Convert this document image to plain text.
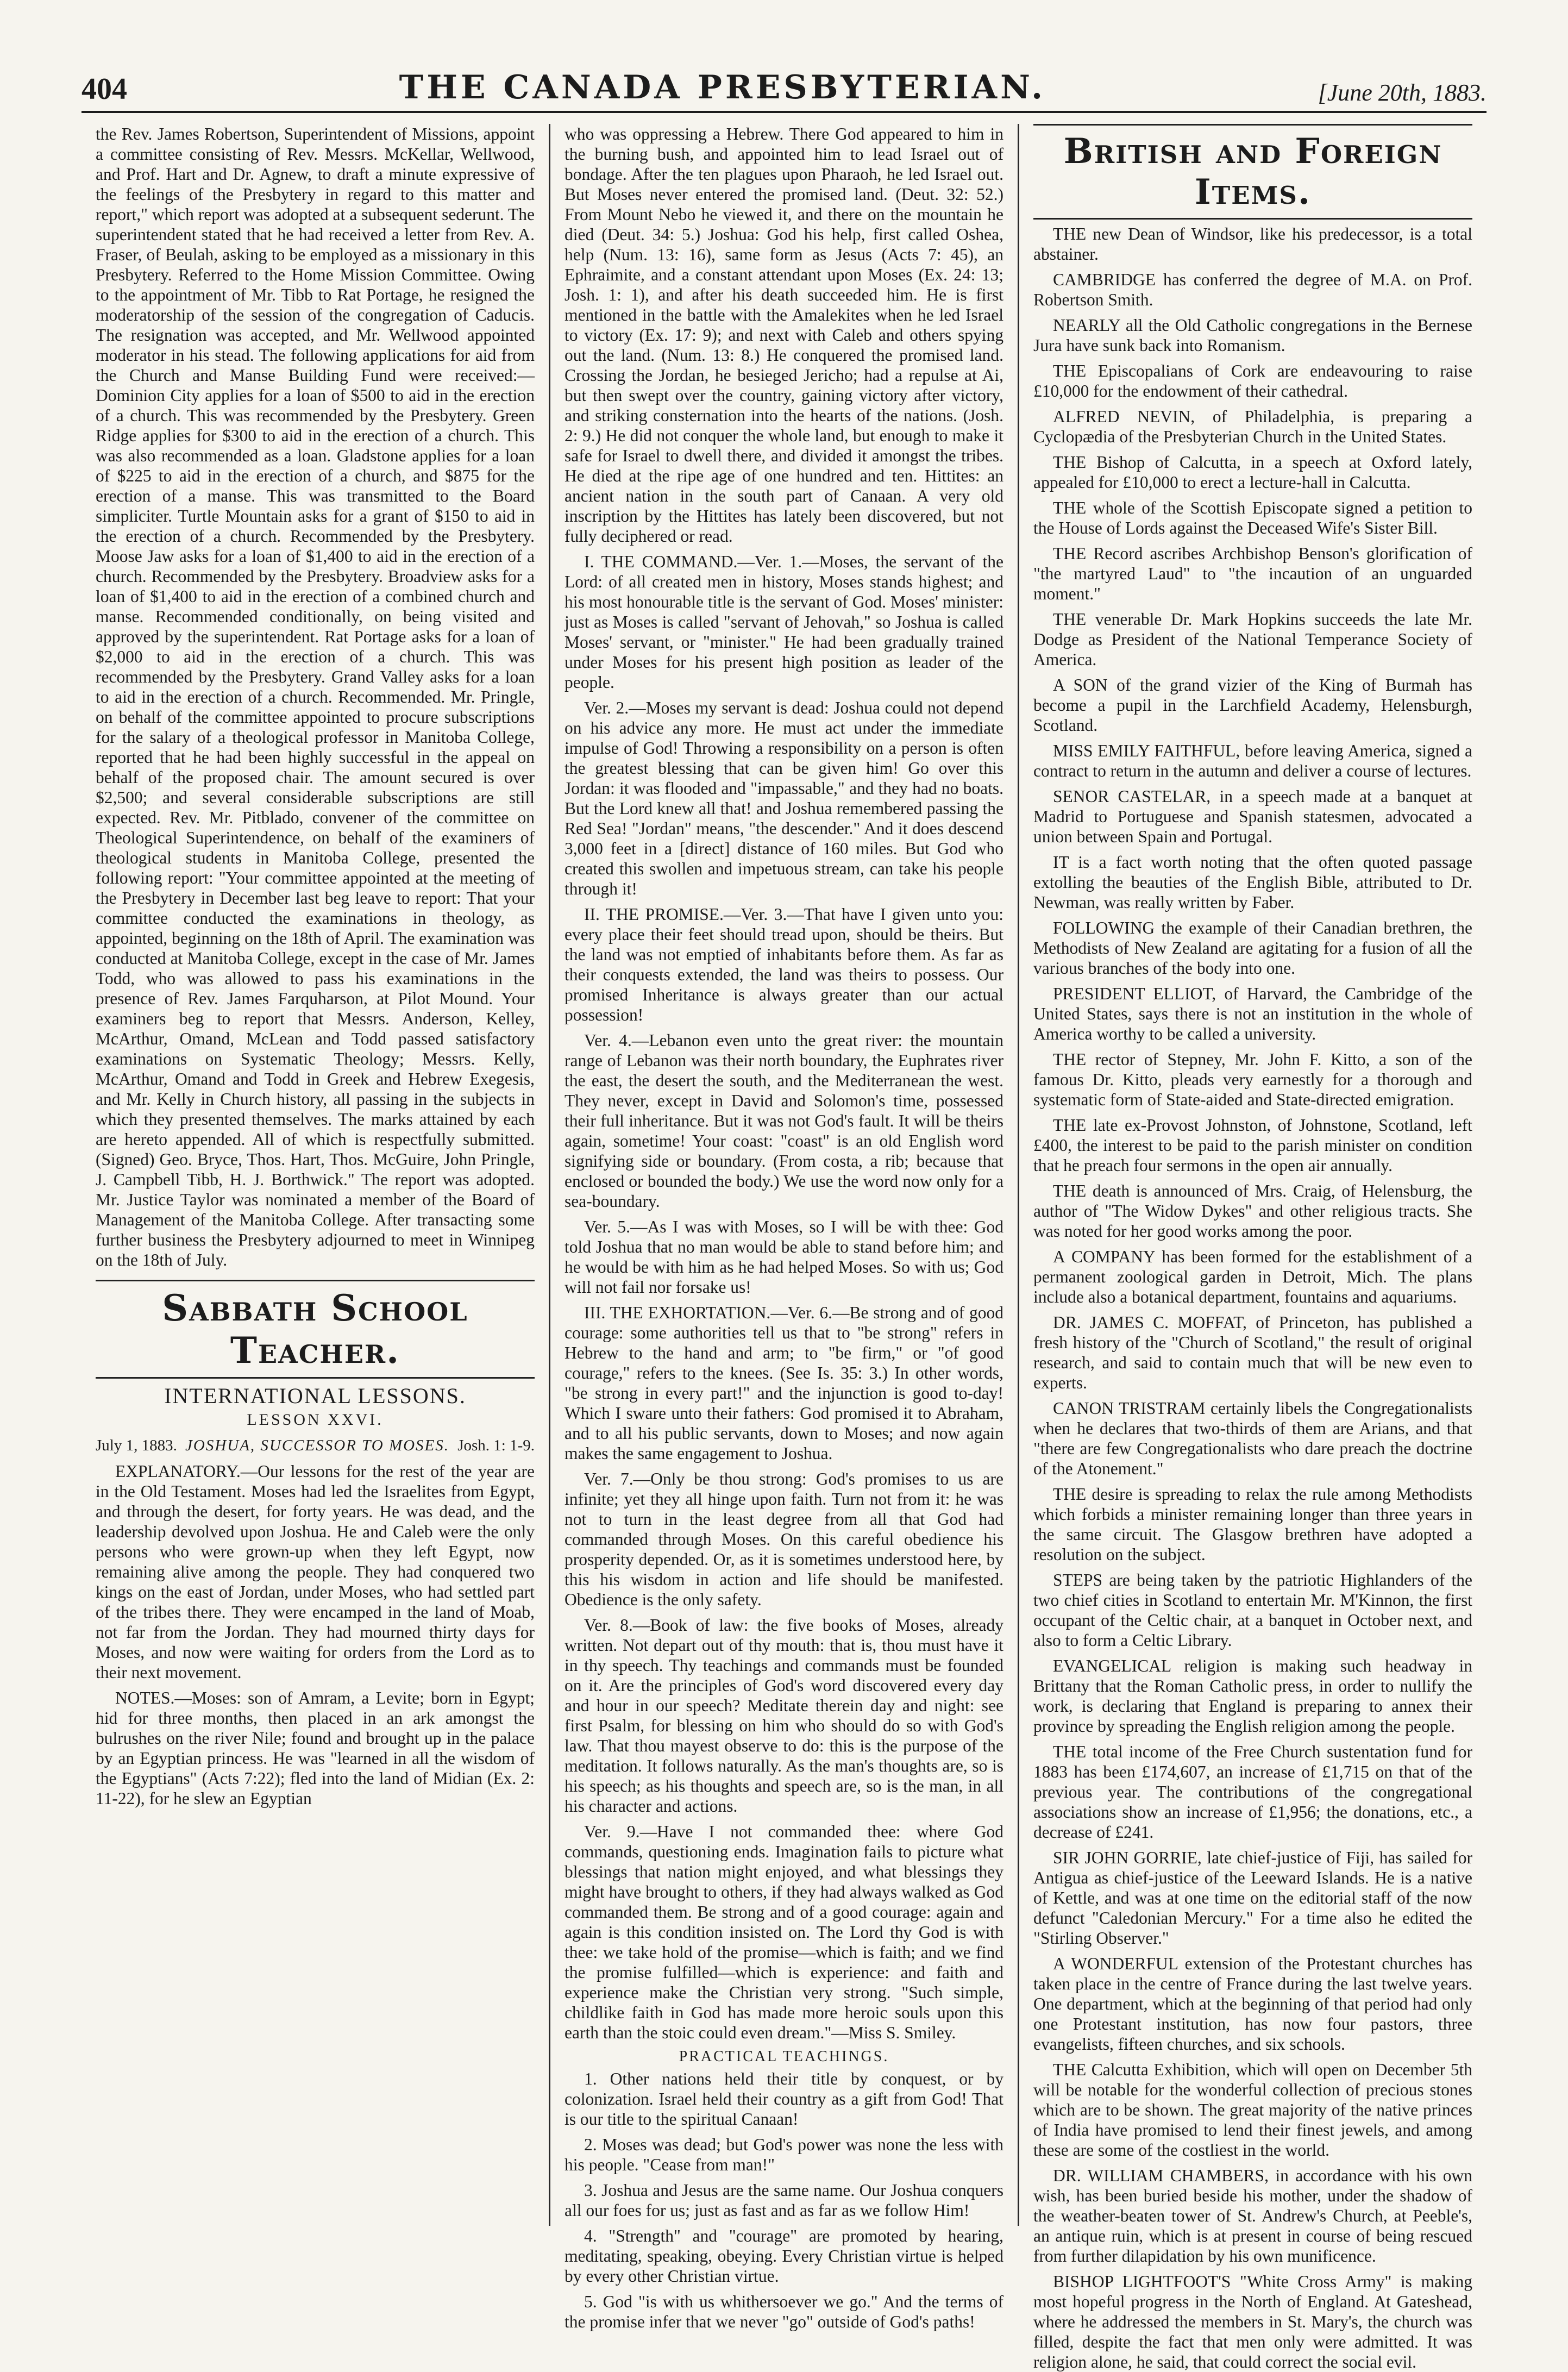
404	THE CANADA PRESBYTERIAN.	[June 20th, 1883.

the Rev. James Robertson, Superintendent of Missions, appoint a committee consisting of Rev. Messrs. McKellar, Wellwood, and Prof. Hart and Dr. Agnew, to draft a minute expressive of the feelings of the Presbytery in regard to this matter and report," which report was adopted at a subsequent sederunt. The superintendent stated that he had received a letter from Rev. A. Fraser, of Beulah, asking to be employed as a missionary in this Presbytery. Referred to the Home Mission Committee. Owing to the appointment of Mr. Tibb to Rat Portage, he resigned the moderatorship of the session of the congregation of Caducis. The resignation was accepted, and Mr. Wellwood appointed moderator in his stead. The following applications for aid from the Church and Manse Building Fund were received:—Dominion City applies for a loan of $500 to aid in the erection of a church. This was recommended by the Presbytery. Green Ridge applies for $300 to aid in the erection of a church. This was also recommended as a loan. Gladstone applies for a loan of $225 to aid in the erection of a church, and $875 for the erection of a manse. This was transmitted to the Board simpliciter. Turtle Mountain asks for a grant of $150 to aid in the erection of a church. Recommended by the Presbytery. Moose Jaw asks for a loan of $1,400 to aid in the erection of a church. Recommended by the Presbytery. Broadview asks for a loan of $1,400 to aid in the erection of a combined church and manse. Recommended conditionally, on being visited and approved by the superintendent. Rat Portage asks for a loan of $2,000 to aid in the erection of a church. This was recommended by the Presbytery. Grand Valley asks for a loan to aid in the erection of a church. Recommended. Mr. Pringle, on behalf of the committee appointed to procure subscriptions for the salary of a theological professor in Manitoba College, reported that he had been highly successful in the appeal on behalf of the proposed chair. The amount secured is over $2,500; and several considerable subscriptions are still expected. Rev. Mr. Pitblado, convener of the committee on Theological Superintendence, on behalf of the examiners of theological students in Manitoba College, presented the following report: "Your committee appointed at the meeting of the Presbytery in December last beg leave to report: That your committee conducted the examinations in theology, as appointed, beginning on the 18th of April. The examination was conducted at Manitoba College, except in the case of Mr. James Todd, who was allowed to pass his examinations in the presence of Rev. James Farquharson, at Pilot Mound. Your examiners beg to report that Messrs. Anderson, Kelley, McArthur, Omand, McLean and Todd passed satisfactory examinations on Systematic Theology; Messrs. Kelly, McArthur, Omand and Todd in Greek and Hebrew Exegesis, and Mr. Kelly in Church history, all passing in the subjects in which they presented themselves. The marks attained by each are hereto appended. All of which is respectfully submitted. (Signed) Geo. Bryce, Thos. Hart, Thos. McGuire, John Pringle, J. Campbell Tibb, H. J. Borthwick." The report was adopted. Mr. Justice Taylor was nominated a member of the Board of Management of the Manitoba College. After transacting some further business the Presbytery adjourned to meet in Winnipeg on the 18th of July.

Sabbath School Teacher.
INTERNATIONAL LESSONS.
LESSON XXVI.
July 1, 1883. JOSHUA, SUCCESSOR TO MOSES. Josh. 1: 1-9.

EXPLANATORY.—Our lessons for the rest of the year are in the Old Testament. Moses had led the Israelites from Egypt, and through the desert, for forty years. He was dead, and the leadership devolved upon Joshua. He and Caleb were the only persons who were grown-up when they left Egypt, now remaining alive among the people. They had conquered two kings on the east of Jordan, under Moses, who had settled part of the tribes there. They were encamped in the land of Moab, not far from the Jordan. They had mourned thirty days for Moses, and now were waiting for orders from the Lord as to their next movement.

NOTES.—Moses: son of Amram, a Levite; born in Egypt; hid for three months, then placed in an ark amongst the bulrushes on the river Nile; found and brought up in the palace by an Egyptian princess. He was "learned in all the wisdom of the Egyptians" (Acts 7:22); fled into the land of Midian (Ex. 2: 11-22), for he slew an Egyptian

who was oppressing a Hebrew. There God appeared to him in the burning bush, and appointed him to lead Israel out of bondage. After the ten plagues upon Pharaoh, he led Israel out. But Moses never entered the promised land. (Deut. 32: 52.) From Mount Nebo he viewed it, and there on the mountain he died (Deut. 34: 5.) Joshua: God his help, first called Oshea, help (Num. 13: 16), same form as Jesus (Acts 7: 45), an Ephraimite, and a constant attendant upon Moses (Ex. 24: 13; Josh. 1: 1), and after his death succeeded him. He is first mentioned in the battle with the Amalekites when he led Israel to victory (Ex. 17: 9); and next with Caleb and others spying out the land. (Num. 13: 8.) He conquered the promised land. Crossing the Jordan, he besieged Jericho; had a repulse at Ai, but then swept over the country, gaining victory after victory, and striking consternation into the hearts of the nations. (Josh. 2: 9.) He did not conquer the whole land, but enough to make it safe for Israel to dwell there, and divided it amongst the tribes. He died at the ripe age of one hundred and ten. Hittites: an ancient nation in the south part of Canaan. A very old inscription by the Hittites has lately been discovered, but not fully deciphered or read.

I. THE COMMAND.—Ver. 1.—Moses, the servant of the Lord: of all created men in history, Moses stands highest; and his most honourable title is the servant of God. Moses' minister: just as Moses is called "servant of Jehovah," so Joshua is called Moses' servant, or "minister." He had been gradually trained under Moses for his present high position as leader of the people.

Ver. 2.—Moses my servant is dead: Joshua could not depend on his advice any more. He must act under the immediate impulse of God! Throwing a responsibility on a person is often the greatest blessing that can be given him! Go over this Jordan: it was flooded and "impassable," and they had no boats. But the Lord knew all that! and Joshua remembered passing the Red Sea! "Jordan" means, "the descender." And it does descend 3,000 feet in a [direct] distance of 160 miles. But God who created this swollen and impetuous stream, can take his people through it!

II. THE PROMISE.—Ver. 3.—That have I given unto you: every place their feet should tread upon, should be theirs. But the land was not emptied of inhabitants before them. As far as their conquests extended, the land was theirs to possess. Our promised Inheritance is always greater than our actual possession!

Ver. 4.—Lebanon even unto the great river: the mountain range of Lebanon was their north boundary, the Euphrates river the east, the desert the south, and the Mediterranean the west. They never, except in David and Solomon's time, possessed their full inheritance. But it was not God's fault. It will be theirs again, sometime! Your coast: "coast" is an old English word signifying side or boundary. (From costa, a rib; because that enclosed or bounded the body.) We use the word now only for a sea-boundary.

Ver. 5.—As I was with Moses, so I will be with thee: God told Joshua that no man would be able to stand before him; and he would be with him as he had helped Moses. So with us; God will not fail nor forsake us!

III. THE EXHORTATION.—Ver. 6.—Be strong and of good courage: some authorities tell us that to "be strong" refers in Hebrew to the hand and arm; to "be firm," or "of good courage," refers to the knees. (See Is. 35: 3.) In other words, "be strong in every part!" and the injunction is good to-day! Which I sware unto their fathers: God promised it to Abraham, and to all his public servants, down to Moses; and now again makes the same engagement to Joshua.

Ver. 7.—Only be thou strong: God's promises to us are infinite; yet they all hinge upon faith. Turn not from it: he was not to turn in the least degree from all that God had commanded through Moses. On this careful obedience his prosperity depended. Or, as it is sometimes understood here, by this his wisdom in action and life should be manifested. Obedience is the only safety.

Ver. 8.—Book of law: the five books of Moses, already written. Not depart out of thy mouth: that is, thou must have it in thy speech. Thy teachings and commands must be founded on it. Are the principles of God's word discovered every day and hour in our speech? Meditate therein day and night: see first Psalm, for blessing on him who should do so with God's law. That thou mayest observe to do: this is the purpose of the meditation. It follows naturally. As the man's thoughts are, so is his speech; as his thoughts and speech are, so is the man, in all his character and actions.

Ver. 9.—Have I not commanded thee: where God commands, questioning ends. Imagination fails to picture what blessings that nation might enjoyed, and what blessings they might have brought to others, if they had always walked as God commanded them. Be strong and of a good courage: again and again is this condition insisted on. The Lord thy God is with thee: we take hold of the promise—which is faith; and we find the promise fulfilled—which is experience: and faith and experience make the Christian very strong. "Such simple, childlike faith in God has made more heroic souls upon this earth than the stoic could even dream."—Miss S. Smiley.

PRACTICAL TEACHINGS.

1. Other nations held their title by conquest, or by colonization. Israel held their country as a gift from God! That is our title to the spiritual Canaan!

2. Moses was dead; but God's power was none the less with his people. "Cease from man!"

3. Joshua and Jesus are the same name. Our Joshua conquers all our foes for us; just as fast and as far as we follow Him!

4. "Strength" and "courage" are promoted by hearing, meditating, speaking, obeying. Every Christian virtue is helped by every other Christian virtue.

5. God "is with us whithersoever we go." And the terms of the promise infer that we never "go" outside of God's paths!

British and Foreign Items.

THE new Dean of Windsor, like his predecessor, is a total abstainer.

CAMBRIDGE has conferred the degree of M.A. on Prof. Robertson Smith.

NEARLY all the Old Catholic congregations in the Bernese Jura have sunk back into Romanism.

THE Episcopalians of Cork are endeavouring to raise £10,000 for the endowment of their cathedral.

ALFRED NEVIN, of Philadelphia, is preparing a Cyclopædia of the Presbyterian Church in the United States.

THE Bishop of Calcutta, in a speech at Oxford lately, appealed for £10,000 to erect a lecture-hall in Calcutta.

THE whole of the Scottish Episcopate signed a petition to the House of Lords against the Deceased Wife's Sister Bill.

THE Record ascribes Archbishop Benson's glorification of "the martyred Laud" to "the incaution of an unguarded moment."

THE venerable Dr. Mark Hopkins succeeds the late Mr. Dodge as President of the National Temperance Society of America.

A SON of the grand vizier of the King of Burmah has become a pupil in the Larchfield Academy, Helensburgh, Scotland.

MISS EMILY FAITHFUL, before leaving America, signed a contract to return in the autumn and deliver a course of lectures.

SENOR CASTELAR, in a speech made at a banquet at Madrid to Portuguese and Spanish statesmen, advocated a union between Spain and Portugal.

IT is a fact worth noting that the often quoted passage extolling the beauties of the English Bible, attributed to Dr. Newman, was really written by Faber.

FOLLOWING the example of their Canadian brethren, the Methodists of New Zealand are agitating for a fusion of all the various branches of the body into one.

PRESIDENT ELLIOT, of Harvard, the Cambridge of the United States, says there is not an institution in the whole of America worthy to be called a university.

THE rector of Stepney, Mr. John F. Kitto, a son of the famous Dr. Kitto, pleads very earnestly for a thorough and systematic form of State-aided and State-directed emigration.

THE late ex-Provost Johnston, of Johnstone, Scotland, left £400, the interest to be paid to the parish minister on condition that he preach four sermons in the open air annually.

THE death is announced of Mrs. Craig, of Helensburg, the author of "The Widow Dykes" and other religious tracts. She was noted for her good works among the poor.

A COMPANY has been formed for the establishment of a permanent zoological garden in Detroit, Mich. The plans include also a botanical department, fountains and aquariums.

DR. JAMES C. MOFFAT, of Princeton, has published a fresh history of the "Church of Scotland," the result of original research, and said to contain much that will be new even to experts.

CANON TRISTRAM certainly libels the Congregationalists when he declares that two-thirds of them are Arians, and that "there are few Congregationalists who dare preach the doctrine of the Atonement."

THE desire is spreading to relax the rule among Methodists which forbids a minister remaining longer than three years in the same circuit. The Glasgow brethren have adopted a resolution on the subject.

STEPS are being taken by the patriotic Highlanders of the two chief cities in Scotland to entertain Mr. M'Kinnon, the first occupant of the Celtic chair, at a banquet in October next, and also to form a Celtic Library.

EVANGELICAL religion is making such headway in Brittany that the Roman Catholic press, in order to nullify the work, is declaring that England is preparing to annex their province by spreading the English religion among the people.

THE total income of the Free Church sustentation fund for 1883 has been £174,607, an increase of £1,715 on that of the previous year. The contributions of the congregational associations show an increase of £1,956; the donations, etc., a decrease of £241.

SIR JOHN GORRIE, late chief-justice of Fiji, has sailed for Antigua as chief-justice of the Leeward Islands. He is a native of Kettle, and was at one time on the editorial staff of the now defunct "Caledonian Mercury." For a time also he edited the "Stirling Observer."

A WONDERFUL extension of the Protestant churches has taken place in the centre of France during the last twelve years. One department, which at the beginning of that period had only one Protestant institution, has now four pastors, three evangelists, fifteen churches, and six schools.

THE Calcutta Exhibition, which will open on December 5th will be notable for the wonderful collection of precious stones which are to be shown. The great majority of the native princes of India have promised to lend their finest jewels, and among these are some of the costliest in the world.

DR. WILLIAM CHAMBERS, in accordance with his own wish, has been buried beside his mother, under the shadow of the weather-beaten tower of St. Andrew's Church, at Peeble's, an antique ruin, which is at present in course of being rescued from further dilapidation by his own munificence.

BISHOP LIGHTFOOT'S "White Cross Army" is making most hopeful progress in the North of England. At Gateshead, where he addressed the members in St. Mary's, the church was filled, despite the fact that men only were admitted. It was religion alone, he said, that could correct the social evil.
